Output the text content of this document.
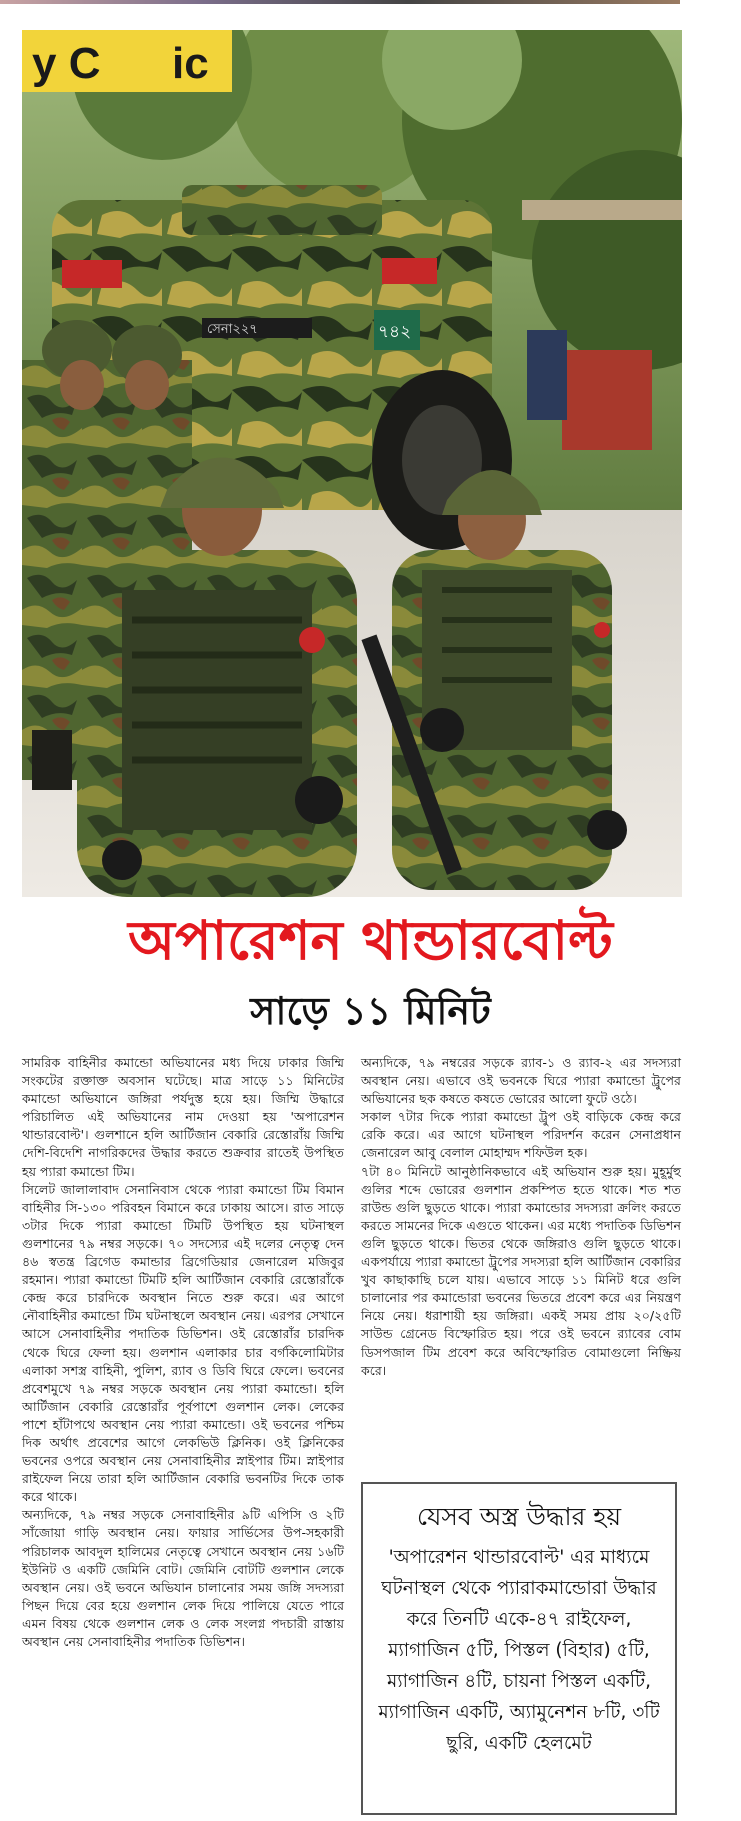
y C ic
সেনা২২৭	৭৪২
অপারেশন থান্ডারবোল্ট
সাড়ে ১১ মিনিট

সামরিক বাহিনীর কমান্ডো অভিযানের মধ্য দিয়ে ঢাকার জিম্মি সংকটের রক্তাক্ত অবসান ঘটেছে। মাত্র সাড়ে ১১ মিনিটের কমান্ডো অভিযানে জঙ্গিরা পর্যদুস্ত হয়ে হয়। জিম্মি উদ্ধারে পরিচালিত এই অভিযানের নাম দেওয়া হয় 'অপারেশন থান্ডারবোল্ট'। গুলশানে হলি আর্টিজান বেকারি রেস্তোরাঁয় জিম্মি দেশি-বিদেশি নাগরিকদের উদ্ধার করতে শুক্রবার রাতেই উপস্থিত হয় প্যারা কমান্ডো টিম।

সিলেট জালালাবাদ সেনানিবাস থেকে প্যারা কমান্ডো টিম বিমান বাহিনীর সি-১৩০ পরিবহন বিমানে করে ঢাকায় আসে। রাত সাড়ে ৩টার দিকে প্যারা কমান্ডো টিমটি উপস্থিত হয় ঘটনাস্থল গুলশানের ৭৯ নম্বর সড়কে। ৭০ সদস্যের এই দলের নেতৃত্ব দেন ৪৬ স্বতন্ত্র ব্রিগেড কমান্ডার ব্রিগেডিয়ার জেনারেল মজিবুর রহমান। প্যারা কমান্ডো টিমটি হলি আর্টিজান বেকারি রেস্তোরাঁকে কেন্দ্র করে চারদিকে অবস্থান নিতে শুরু করে। এর আগে নৌবাহিনীর কমান্ডো টিম ঘটনাস্থলে অবস্থান নেয়। এরপর সেখানে আসে সেনাবাহিনীর পদাতিক ডিভিশন। ওই রেস্তোরাঁর চারদিক থেকে ঘিরে ফেলা হয়। গুলশান এলাকার চার বর্গকিলোমিটার এলাকা সশস্ত্র বাহিনী, পুলিশ, র‍্যাব ও ডিবি ঘিরে ফেলে। ভবনের প্রবেশমুখে ৭৯ নম্বর সড়কে অবস্থান নেয় প্যারা কমান্ডো। হলি আর্টিজান বেকারি রেস্তোরাঁর পূর্বপাশে গুলশান লেক। লেকের পাশে হাঁটাপথে অবস্থান নেয় প্যারা কমান্ডো। ওই ভবনের পশ্চিম দিক অর্থাৎ প্রবেশের আগে লেকভিউ ক্লিনিক। ওই ক্লিনিকের ভবনের ওপরে অবস্থান নেয় সেনাবাহিনীর স্নাইপার টিম। স্নাইপার রাইফেল নিয়ে তারা হলি আর্টিজান বেকারি ভবনটির দিকে তাক করে থাকে।

অন্যদিকে, ৭৯ নম্বর সড়কে সেনাবাহিনীর ৯টি এপিসি ও ২টি সাঁজোয়া গাড়ি অবস্থান নেয়। ফায়ার সার্ভিসের উপ-সহকারী পরিচালক আবদুল হালিমের নেতৃত্বে সেখানে অবস্থান নেয় ১৬টি ইউনিট ও একটি জেমিনি বোট। জেমিনি বোটটি গুলশান লেকে অবস্থান নেয়। ওই ভবনে অভিযান চালানোর সময় জঙ্গি সদস্যরা পিছন দিয়ে বের হয়ে গুলশান লেক দিয়ে পালিয়ে যেতে পারে এমন বিষয় থেকে গুলশান লেক ও লেক সংলগ্ন পদচারী রাস্তায় অবস্থান নেয় সেনাবাহিনীর পদাতিক ডিভিশন।

অন্যদিকে, ৭৯ নম্বরের সড়কে র‍্যাব-১ ও র‍্যাব-২ এর সদস্যরা অবস্থান নেয়। এভাবে ওই ভবনকে ঘিরে প্যারা কমান্ডো ট্রুপের অভিযানের ছক কষতে কষতে ভোরের আলো ফুটে ওঠে।

সকাল ৭টার দিকে প্যারা কমান্ডো ট্রুপ ওই বাড়িকে কেন্দ্র করে রেকি করে। এর আগে ঘটনাস্থল পরিদর্শন করেন সেনাপ্রধান জেনারেল আবু বেলাল মোহাম্মদ শফিউল হক।

৭টা ৪০ মিনিটে আনুষ্ঠানিকভাবে এই অভিযান শুরু হয়। মুহূর্মুহু গুলির শব্দে ভোরের গুলশান প্রকম্পিত হতে থাকে। শত শত রাউন্ড গুলি ছুড়তে থাকে। প্যারা কমান্ডোর সদস্যরা ক্রলিং করতে করতে সামনের দিকে এগুতে থাকেন। এর মধ্যে পদাতিক ডিভিশন গুলি ছুড়তে থাকে। ভিতর থেকে জঙ্গিরাও গুলি ছুড়তে থাকে। একপর্যায়ে প্যারা কমান্ডো ট্রুপের সদস্যরা হলি আর্টিজান বেকারির খুব কাছাকাছি চলে যায়। এভাবে সাড়ে ১১ মিনিট ধরে গুলি চালানোর পর কমান্ডোরা ভবনের ভিতরে প্রবেশ করে এর নিয়ন্ত্রণ নিয়ে নেয়। ধরাশায়ী হয় জঙ্গিরা। একই সময় প্রায় ২০/২৫টি সাউন্ড গ্রেনেড বিস্ফোরিত হয়। পরে ওই ভবনে র‍্যাবের বোম ডিসপজাল টিম প্রবেশ করে অবিস্ফোরিত বোমাগুলো নিষ্ক্রিয় করে।

যেসব অস্ত্র উদ্ধার হয়
'অপারেশন থান্ডারবোল্ট' এর মাধ্যমে ঘটনাস্থল থেকে প্যারাকমান্ডোরা উদ্ধার করে তিনটি একে-৪৭ রাইফেল, ম্যাগাজিন ৫টি, পিস্তল (বিহার) ৫টি, ম্যাগাজিন ৪টি, চায়না পিস্তল একটি, ম্যাগাজিন একটি, অ্যামুনেশন ৮টি, ৩টি ছুরি, একটি হেলমেট
